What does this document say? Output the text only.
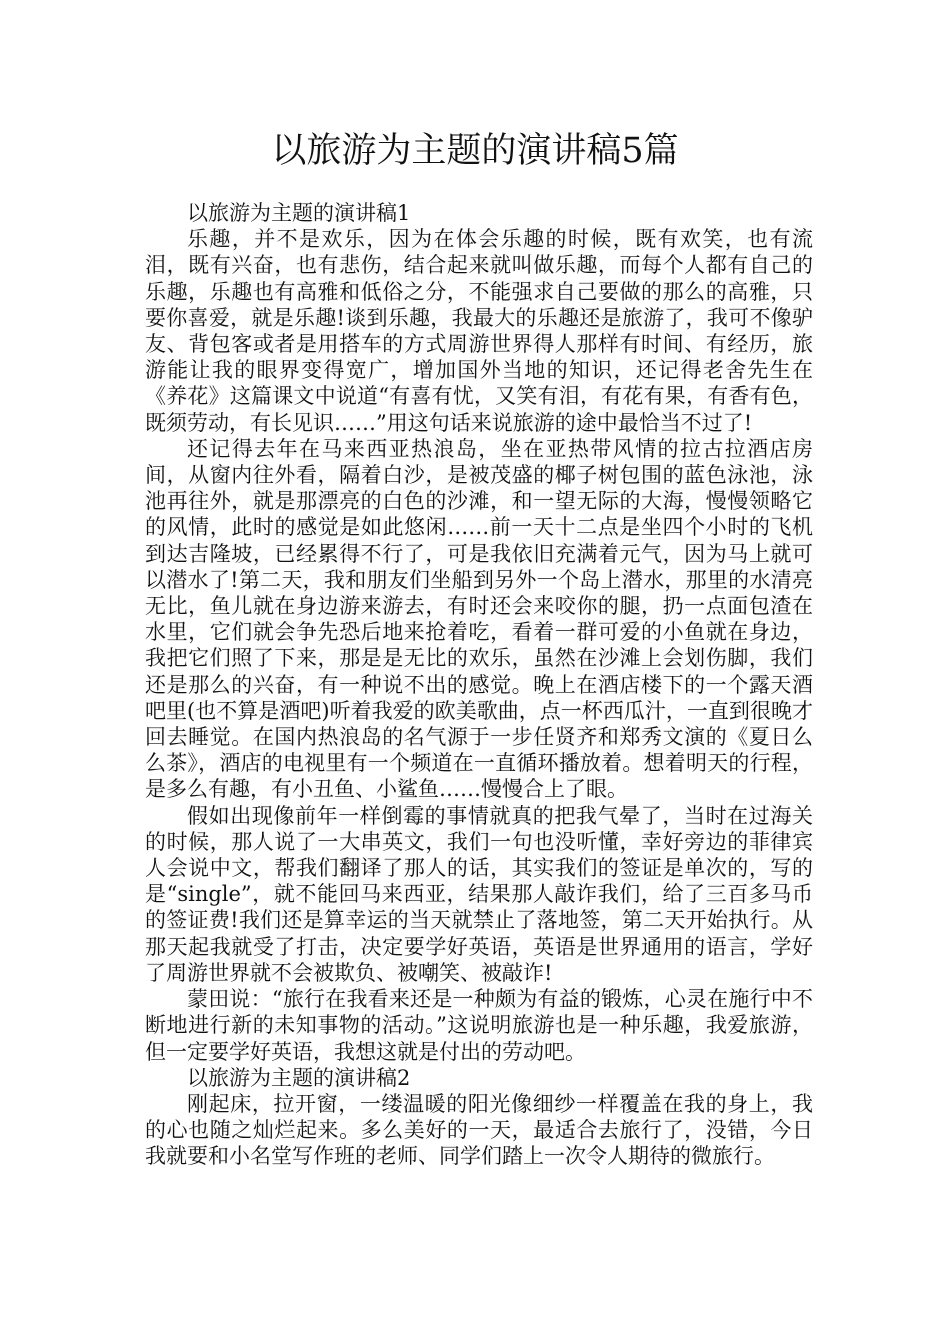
以旅游为主题的演讲稿5篇

以旅游为主题的演讲稿1

乐趣，并不是欢乐，因为在体会乐趣的时候，既有欢笑，也有流泪，既有兴奋，也有悲伤，结合起来就叫做乐趣，而每个人都有自己的乐趣，乐趣也有高雅和低俗之分，不能强求自己要做的那么的高雅，只要你喜爱，就是乐趣!谈到乐趣，我最大的乐趣还是旅游了，我可不像驴友、背包客或者是用搭车的方式周游世界得人那样有时间、有经历，旅游能让我的眼界变得宽广，增加国外当地的知识，还记得老舍先生在《养花》这篇课文中说道“有喜有忧，又笑有泪，有花有果，有香有色，既须劳动，有长见识……”用这句话来说旅游的途中最恰当不过了!

还记得去年在马来西亚热浪岛，坐在亚热带风情的拉古拉酒店房间，从窗内往外看，隔着白沙，是被茂盛的椰子树包围的蓝色泳池，泳池再往外，就是那漂亮的白色的沙滩，和一望无际的大海，慢慢领略它的风情，此时的感觉是如此悠闲……前一天十二点是坐四个小时的飞机到达吉隆坡，已经累得不行了，可是我依旧充满着元气，因为马上就可以潜水了!第二天，我和朋友们坐船到另外一个岛上潜水，那里的水清亮无比，鱼儿就在身边游来游去，有时还会来咬你的腿，扔一点面包渣在水里，它们就会争先恐后地来抢着吃，看着一群可爱的小鱼就在身边，我把它们照了下来，那是是无比的欢乐，虽然在沙滩上会划伤脚，我们还是那么的兴奋，有一种说不出的感觉。晚上在酒店楼下的一个露天酒吧里(也不算是酒吧)听着我爱的欧美歌曲，点一杯西瓜汁，一直到很晚才回去睡觉。在国内热浪岛的名气源于一步任贤齐和郑秀文演的《夏日么么茶》，酒店的电视里有一个频道在一直循环播放着。想着明天的行程，是多么有趣，有小丑鱼、小鲨鱼……慢慢合上了眼。

假如出现像前年一样倒霉的事情就真的把我气晕了，当时在过海关的时候，那人说了一大串英文，我们一句也没听懂，幸好旁边的菲律宾人会说中文，帮我们翻译了那人的话，其实我们的签证是单次的，写的是“single”，就不能回马来西亚，结果那人敲诈我们，给了三百多马币的签证费!我们还是算幸运的当天就禁止了落地签，第二天开始执行。从那天起我就受了打击，决定要学好英语，英语是世界通用的语言，学好了周游世界就不会被欺负、被嘲笑、被敲诈!

蒙田说：“旅行在我看来还是一种颇为有益的锻炼，心灵在施行中不断地进行新的未知事物的活动。”这说明旅游也是一种乐趣，我爱旅游，但一定要学好英语，我想这就是付出的劳动吧。

以旅游为主题的演讲稿2

刚起床，拉开窗，一缕温暖的阳光像细纱一样覆盖在我的身上，我的心也随之灿烂起来。多么美好的一天，最适合去旅行了，没错，今日我就要和小名堂写作班的老师、同学们踏上一次令人期待的微旅行。
